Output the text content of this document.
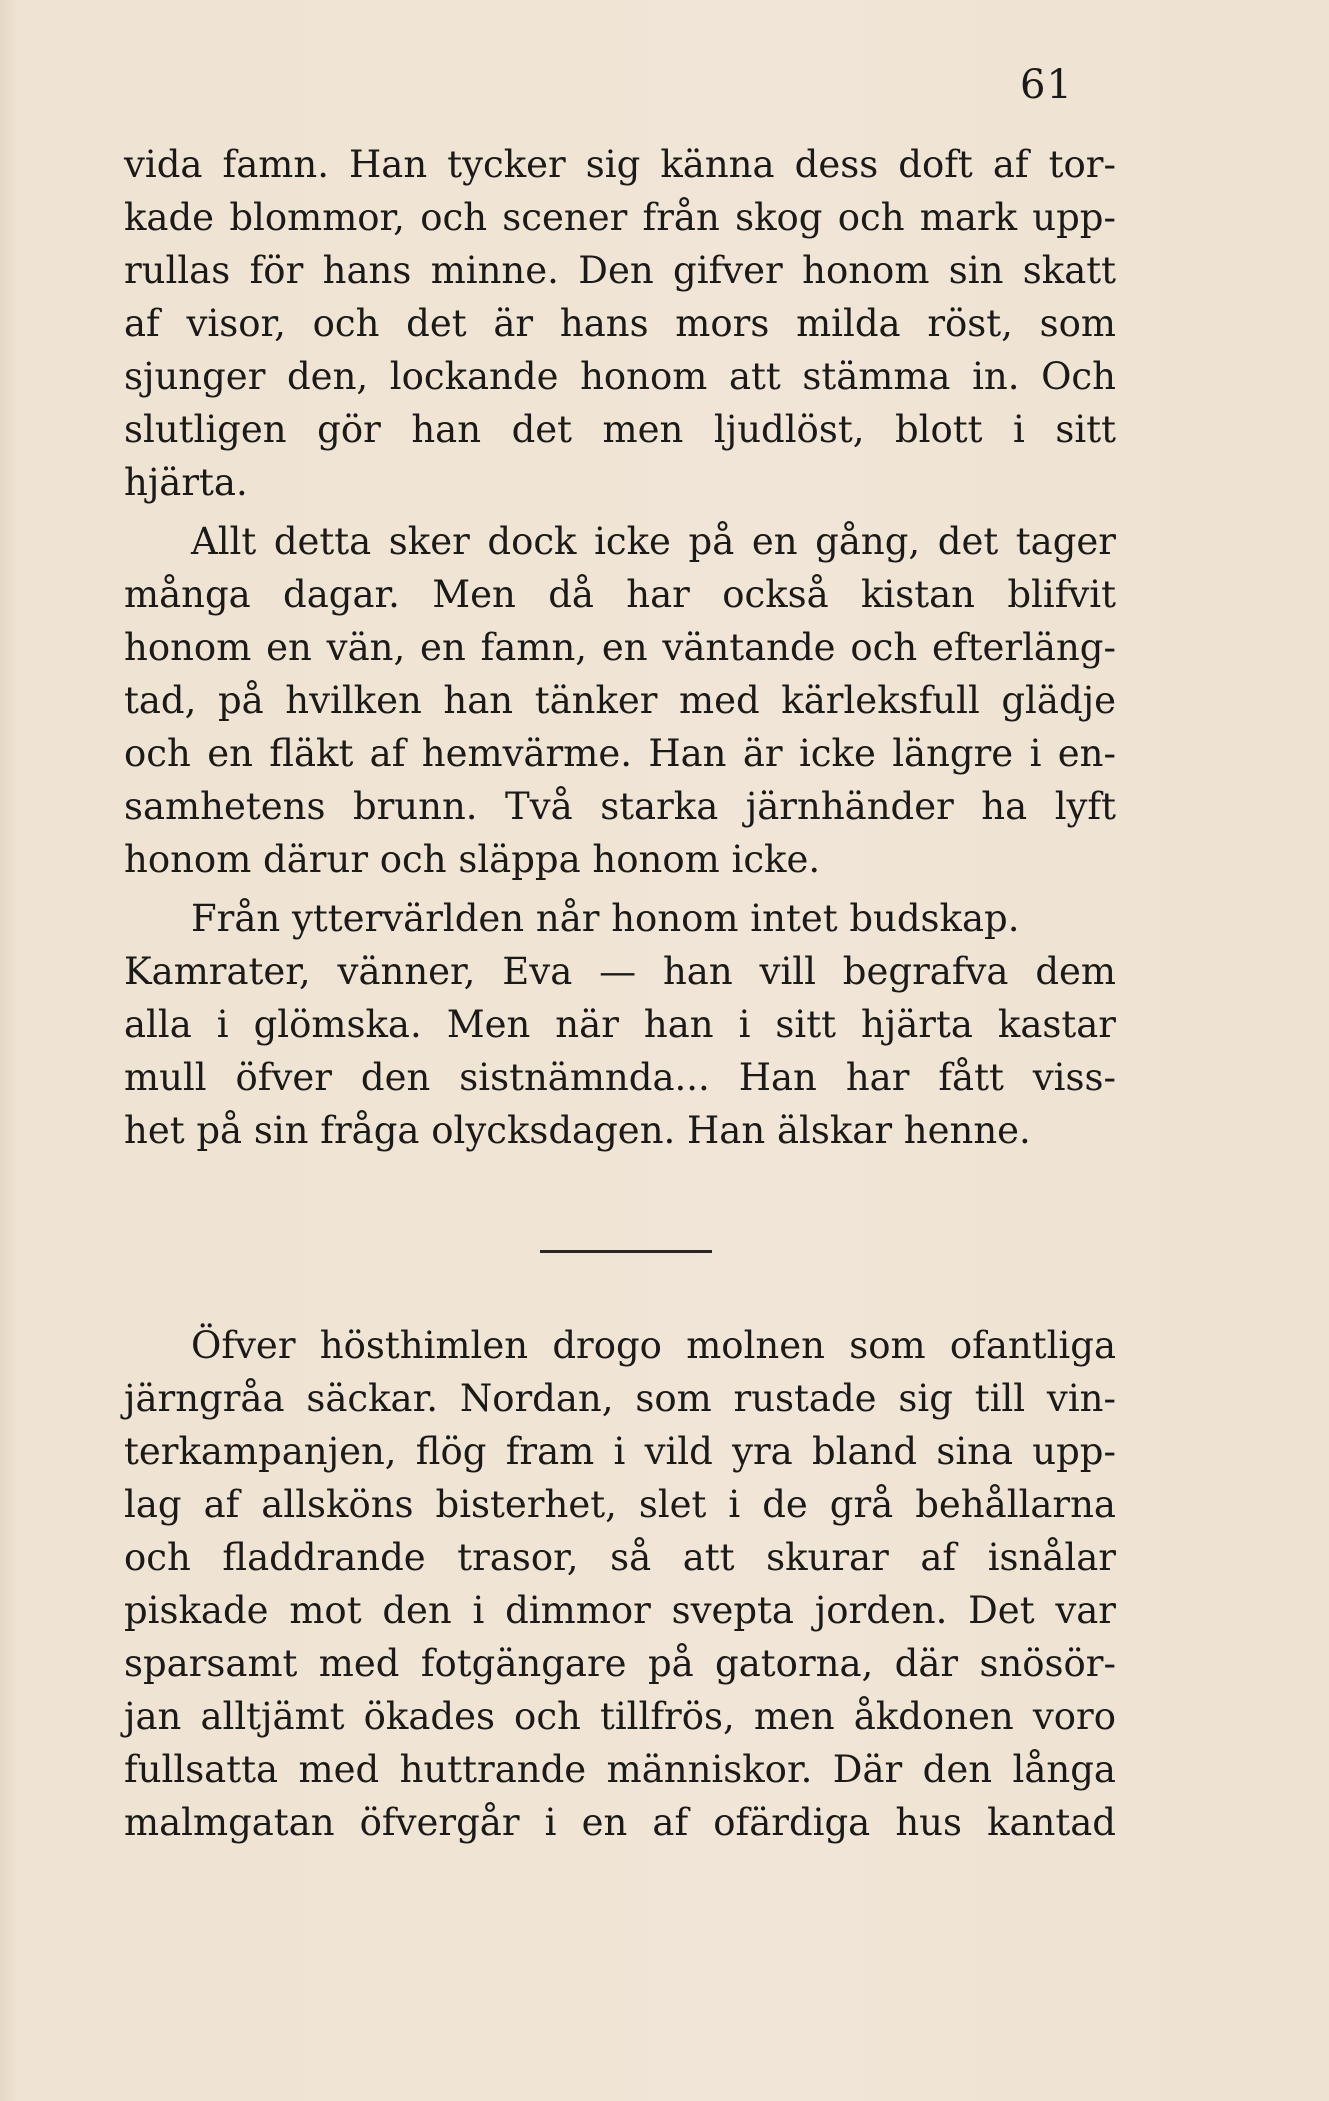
61
vida famn. Han tycker sig känna dess doft af tor-
kade blommor, och scener från skog och mark upp-
rullas för hans minne. Den gifver honom sin skatt
af visor, och det är hans mors milda röst, som
sjunger den, lockande honom att stämma in. Och
slutligen gör han det men ljudlöst, blott i sitt
hjärta.
Allt detta sker dock icke på en gång, det tager
många dagar. Men då har också kistan blifvit
honom en vän, en famn, en väntande och efterläng-
tad, på hvilken han tänker med kärleksfull glädje
och en fläkt af hemvärme. Han är icke längre i en-
samhetens brunn. Två starka järnhänder ha lyft
honom därur och släppa honom icke.
Från yttervärlden når honom intet budskap.
Kamrater, vänner, Eva — han vill begrafva dem
alla i glömska. Men när han i sitt hjärta kastar
mull öfver den sistnämnda... Han har fått viss-
het på sin fråga olycksdagen. Han älskar henne.
Öfver hösthimlen drogo molnen som ofantliga
järngråa säckar. Nordan, som rustade sig till vin-
terkampanjen, flög fram i vild yra bland sina upp-
lag af allsköns bisterhet, slet i de grå behållarna
och fladdrande trasor, så att skurar af isnålar
piskade mot den i dimmor svepta jorden. Det var
sparsamt med fotgängare på gatorna, där snösör-
jan alltjämt ökades och tillfrös, men åkdonen voro
fullsatta med huttrande människor. Där den långa
malmgatan öfvergår i en af ofärdiga hus kantad
